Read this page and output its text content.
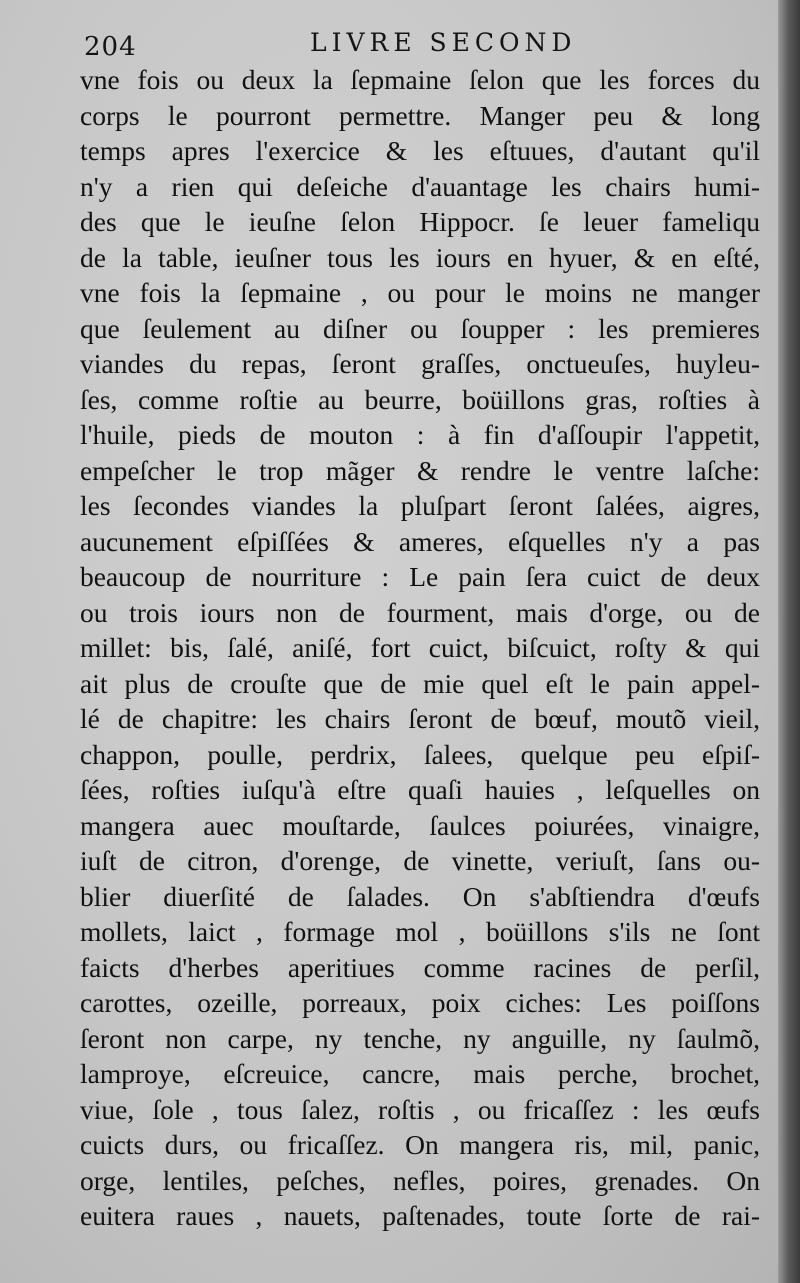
204	LIVRE SECOND
vne fois ou deux la ſepmaine ſelon que les forces du
corps le pourront permettre. Manger peu & long
temps apres l'exercice & les eſtuues, d'autant qu'il
n'y a rien qui deſeiche d'auantage les chairs humi-
des que le ieuſne ſelon Hippocr. ſe leuer fameliqu
de la table, ieuſner tous les iours en hyuer, & en eſté,
vne fois la ſepmaine , ou pour le moins ne manger
que ſeulement au diſner ou ſoupper : les premieres
viandes du repas, ſeront graſſes, onctueuſes, huyleu-
ſes, comme roſtie au beurre, boüillons gras, roſties à
l'huile, pieds de mouton : à fin d'aſſoupir l'appetit,
empeſcher le trop mãger & rendre le ventre laſche:
les ſecondes viandes la pluſpart ſeront ſalées, aigres,
aucunement eſpiſſées & ameres, eſquelles n'y a pas
beaucoup de nourriture : Le pain ſera cuict de deux
ou trois iours non de fourment, mais d'orge, ou de
millet: bis, ſalé, aniſé, fort cuict, biſcuict, roſty & qui
ait plus de crouſte que de mie quel eſt le pain appel-
lé de chapitre: les chairs ſeront de bœuf, moutõ vieil,
chappon, poulle, perdrix, ſalees, quelque peu eſpiſ-
ſées, roſties iuſqu'à eſtre quaſi hauies , leſquelles on
mangera auec mouſtarde, ſaulces poiurées, vinaigre,
iuſt de citron, d'orenge, de vinette, veriuſt, ſans ou-
blier diuerſité de ſalades. On s'abſtiendra d'œufs
mollets, laict , formage mol , boüillons s'ils ne ſont
faicts d'herbes aperitiues comme racines de perſil,
carottes, ozeille, porreaux, poix ciches: Les poiſſons
ſeront non carpe, ny tenche, ny anguille, ny ſaulmõ,
lamproye, eſcreuice, cancre, mais perche, brochet,
viue, ſole , tous ſalez, roſtis , ou fricaſſez : les œufs
cuicts durs, ou fricaſſez. On mangera ris, mil, panic,
orge, lentiles, peſches, nefles, poires, grenades. On
euitera raues , nauets, paſtenades, toute ſorte de rai-
